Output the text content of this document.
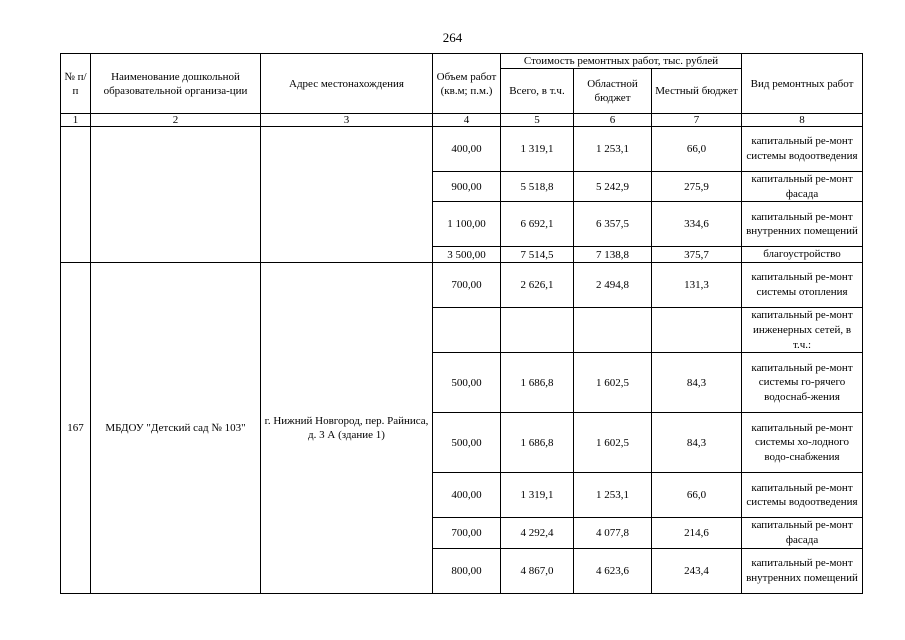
264
№ п/п	Наименование дошкольной образовательной организа-ции	Адрес местонахождения	Объем работ (кв.м; п.м.)	Стоимость ремонтных работ, тыс. рублей			Вид ремонтных работ
				Всего, в т.ч.	Областной бюджет	Местный бюджет	
1	2	3	4	5	6	7	8
			400,00	1 319,1	1 253,1	66,0	капитальный ре-монт системы водоотведения
			900,00	5 518,8	5 242,9	275,9	капитальный ре-монт фасада
			1 100,00	6 692,1	6 357,5	334,6	капитальный ре-монт внутренних помещений
			3 500,00	7 514,5	7 138,8	375,7	благоустройство
167	МБДОУ "Детский сад № 103"	г. Нижний Новгород, пер. Райниса, д. 3 А (здание 1)	700,00	2 626,1	2 494,8	131,3	капитальный ре-монт системы отопления
							капитальный ре-монт инженерных сетей, в т.ч.:
			500,00	1 686,8	1 602,5	84,3	капитальный ре-монт системы го-рячего водоснаб-жения
			500,00	1 686,8	1 602,5	84,3	капитальный ре-монт системы хо-лодного водо-снабжения
			400,00	1 319,1	1 253,1	66,0	капитальный ре-монт системы водоотведения
			700,00	4 292,4	4 077,8	214,6	капитальный ре-монт фасада
			800,00	4 867,0	4 623,6	243,4	капитальный ре-монт внутренних помещений
